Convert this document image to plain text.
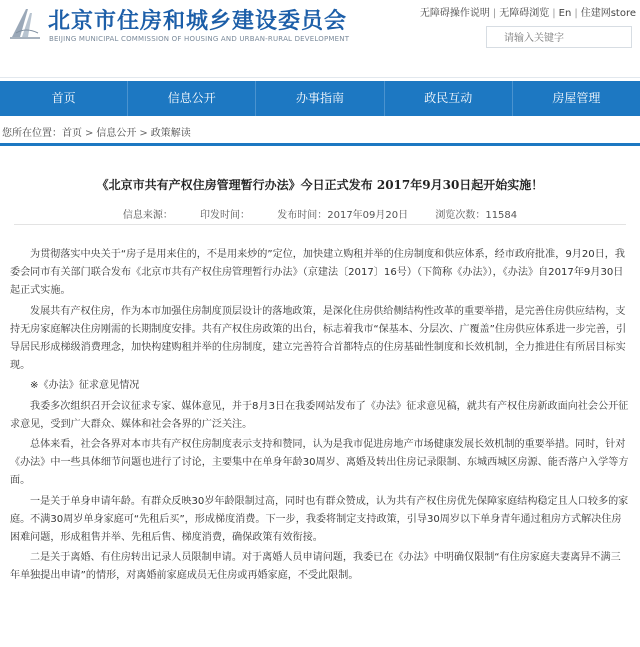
北京市住房和城乡建设委员会
BEIJING MUNICIPAL COMMISSION OF HOUSING AND URBAN-RURAL DEVELOPMENT
无障碍操作说明 | 无障碍浏览 | En | 住建网store
请输入关键字
首页	信息公开	办事指南	政民互动	房屋管理
您所在位置：首页 > 信息公开 > 政策解读
《北京市共有产权住房管理暂行办法》今日正式发布 2017年9月30日起开始实施！
信息来源：	印发时间：	发布时间：2017年09月20日	浏览次数：11584

为贯彻落实中央关于“房子是用来住的，不是用来炒的”定位，加快建立购租并举的住房制度和供应体系，经市政府批准，9月20日，我委会同市有关部门联合发布《北京市共有产权住房管理暂行办法》（京建法〔2017〕16号）（下简称《办法》），《办法》自2017年9月30日起正式实施。

发展共有产权住房，作为本市加强住房制度顶层设计的落地政策，是深化住房供给侧结构性改革的重要举措，是完善住房供应结构，支持无房家庭解决住房刚需的长期制度安排。共有产权住房政策的出台，标志着我市“保基本、分层次、广覆盖”住房供应体系进一步完善，引导居民形成梯级消费理念，加快构建购租并举的住房制度，建立完善符合首都特点的住房基础性制度和长效机制，全力推进住有所居目标实现。

※《办法》征求意见情况

我委多次组织召开会议征求专家、媒体意见，并于8月3日在我委网站发布了《办法》征求意见稿，就共有产权住房新政面向社会公开征求意见，受到广大群众、媒体和社会各界的广泛关注。

总体来看，社会各界对本市共有产权住房制度表示支持和赞同，认为是我市促进房地产市场健康发展长效机制的重要举措。同时，针对《办法》中一些具体细节问题也进行了讨论，主要集中在单身年龄30周岁、离婚及转出住房记录限制、东城西城区房源、能否落户入学等方面。

一是关于单身申请年龄。有群众反映30岁年龄限制过高，同时也有群众赞成，认为共有产权住房优先保障家庭结构稳定且人口较多的家庭。不满30周岁单身家庭可“先租后买”，形成梯度消费。下一步，我委将制定支持政策，引导30周岁以下单身青年通过租房方式解决住房困难问题，形成租售并举、先租后售、梯度消费，确保政策有效衔接。

二是关于离婚、有住房转出记录人员限制申请。对于离婚人员申请问题，我委已在《办法》中明确仅限制“有住房家庭夫妻离异不满三年单独提出申请”的情形，对离婚前家庭成员无住房或再婚家庭，不受此限制。
